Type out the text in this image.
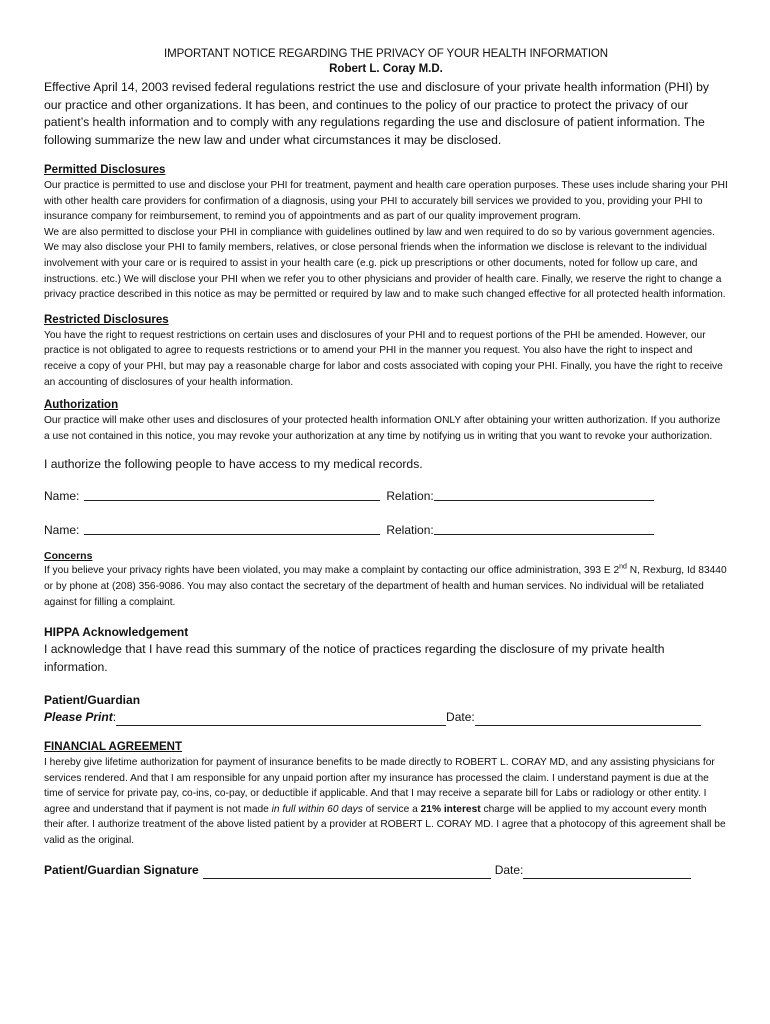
IMPORTANT NOTICE REGARDING THE PRIVACY OF YOUR HEALTH INFORMATION
Robert L. Coray M.D.
Effective April 14, 2003 revised federal regulations restrict the use and disclosure of your private health information (PHI) by our practice and other organizations. It has been, and continues to the policy of our practice to protect the privacy of our patient’s health information and to comply with any regulations regarding the use and disclosure of patient information. The following summarize the new law and under what circumstances it may be disclosed.
Permitted Disclosures
Our practice is permitted to use and disclose your PHI for treatment, payment and health care operation purposes. These uses include sharing your PHI with other health care providers for confirmation of a diagnosis, using your PHI to accurately bill services we provided to you, providing your PHI to insurance company for reimbursement, to remind you of appointments and as part of our quality improvement program.
We are also permitted to disclose your PHI in compliance with guidelines outlined by law and wen required to do so by various government agencies. We may also disclose your PHI to family members, relatives, or close personal friends when the information we disclose is relevant to the individual involvement with your care or is required to assist in your health care (e.g. pick up prescriptions or other documents, noted for follow up care, and instructions. etc.) We will disclose your PHI when we refer you to other physicians and provider of health care. Finally, we reserve the right to change a privacy practice described in this notice as may be permitted or required by law and to make such changed effective for all protected health information.
Restricted Disclosures
You have the right to request restrictions on certain uses and disclosures of your PHI and to request portions of the PHI be amended. However, our practice is not obligated to agree to requests restrictions or to amend your PHI in the manner you request. You also have the right to inspect and receive a copy of your PHI, but may pay a reasonable charge for labor and costs associated with coping your PHI. Finally, you have the right to receive an accounting of disclosures of your health information.
Authorization
Our practice will make other uses and disclosures of your protected health information ONLY after obtaining your written authorization. If you authorize a use not contained in this notice, you may revoke your authorization at any time by notifying us in writing that you want to revoke your authorization.
I authorize the following people to have access to my medical records.
Name:	Relation:
Name:	Relation:
Concerns
If you believe your privacy rights have been violated, you may make a complaint by contacting our office administration, 393 E 2nd N, Rexburg, Id 83440 or by phone at (208) 356-9086. You may also contact the secretary of the department of health and human services. No individual will be retaliated against for filling a complaint.
HIPPA Acknowledgement
I acknowledge that I have read this summary of the notice of practices regarding the disclosure of my private health information.
Patient/Guardian
Please Print :	Date:
FINANCIAL AGREEMENT
I hereby give lifetime authorization for payment of insurance benefits to be made directly to ROBERT L. CORAY MD, and any assisting physicians for services rendered. And that I am responsible for any unpaid portion after my insurance has processed the claim. I understand payment is due at the time of service for private pay, co-ins, co-pay, or deductible if applicable. And that I may receive a separate bill for Labs or radiology or other entity. I agree and understand that if payment is not made in full within 60 days of service a 21% interest charge will be applied to my account every month their after. I authorize treatment of the above listed patient by a provider at ROBERT L. CORAY MD. I agree that a photocopy of this agreement shall be valid as the original.
Patient/Guardian Signature	Date:
